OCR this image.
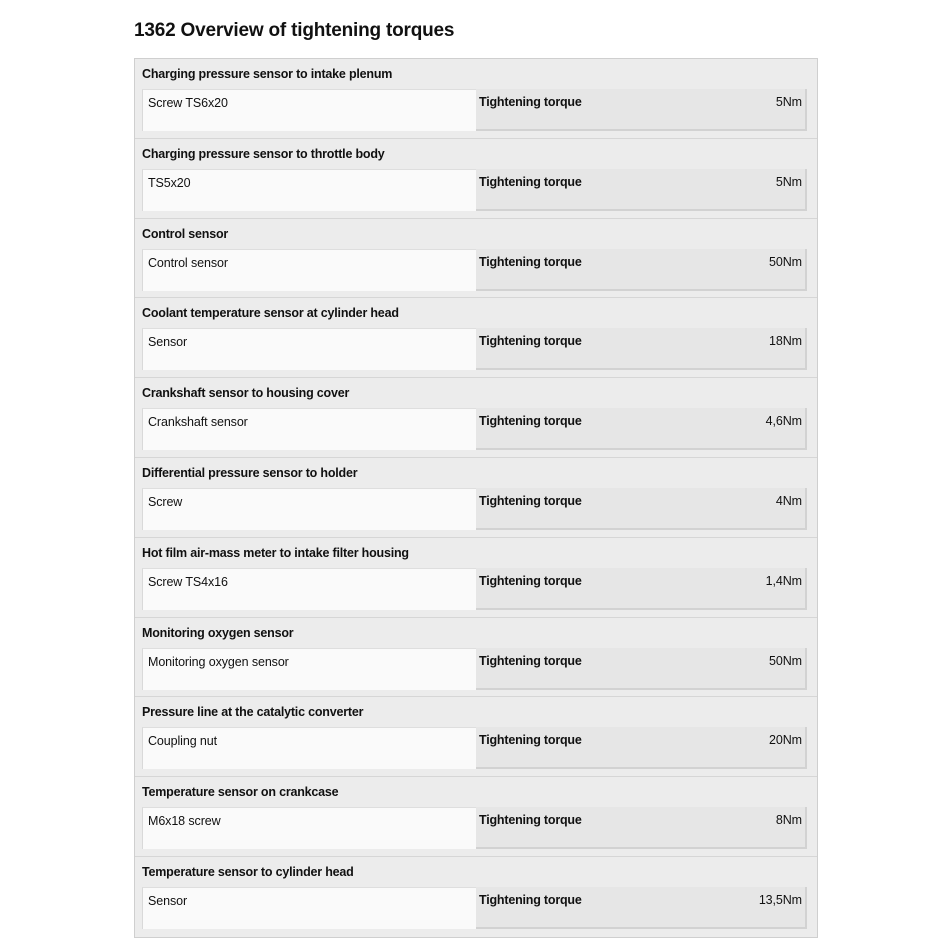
1362 Overview of tightening torques
Charging pressure sensor to intake plenum
Screw TS6x20	Tightening torque	5Nm
Charging pressure sensor to throttle body
TS5x20	Tightening torque	5Nm
Control sensor
Control sensor	Tightening torque	50Nm
Coolant temperature sensor at cylinder head
Sensor	Tightening torque	18Nm
Crankshaft sensor to housing cover
Crankshaft sensor	Tightening torque	4,6Nm
Differential pressure sensor to holder
Screw	Tightening torque	4Nm
Hot film air-mass meter to intake filter housing
Screw TS4x16	Tightening torque	1,4Nm
Monitoring oxygen sensor
Monitoring oxygen sensor	Tightening torque	50Nm
Pressure line at the catalytic converter
Coupling nut	Tightening torque	20Nm
Temperature sensor on crankcase
M6x18 screw	Tightening torque	8Nm
Temperature sensor to cylinder head
Sensor	Tightening torque	13,5Nm
